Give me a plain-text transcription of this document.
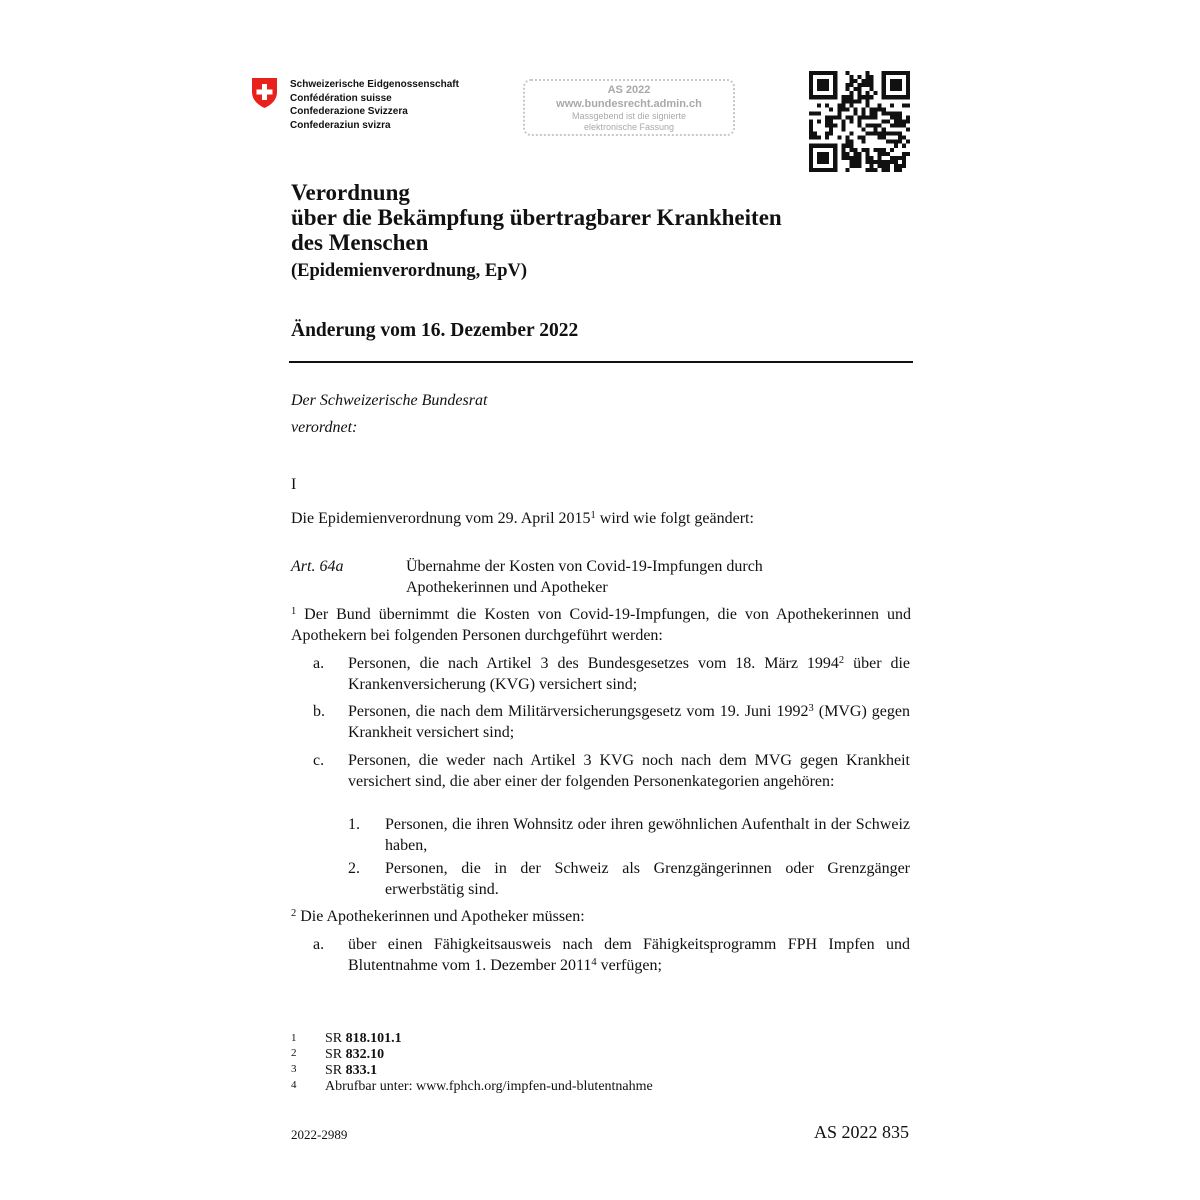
Schweizerische Eidgenossenschaft
Confédération suisse
Confederazione Svizzera
Confederaziun svizra
AS 2022
www.bundesrecht.admin.ch
Massgebend ist die signierte
elektronische Fassung
Verordnung
über die Bekämpfung übertragbarer Krankheiten
des Menschen
(Epidemienverordnung, EpV)
Änderung vom 16. Dezember 2022
Der Schweizerische Bundesrat
verordnet:
I
Die Epidemienverordnung vom 29. April 2015$^1$ wird wie folgt geändert:
Art. 64a	Übernahme der Kosten von Covid-19-Impfungen durch
Apothekerinnen und Apotheker
$^1$ Der Bund übernimmt die Kosten von Covid-19-Impfungen, die von Apothekerinnen und Apothekern bei folgenden Personen durchgeführt werden:
a. Personen, die nach Artikel 3 des Bundesgesetzes vom 18. März 1994$^2$ über die Krankenversicherung (KVG) versichert sind;
b. Personen, die nach dem Militärversicherungsgesetz vom 19. Juni 1992$^3$ (MVG) gegen Krankheit versichert sind;
c. Personen, die weder nach Artikel 3 KVG noch nach dem MVG gegen Krankheit versichert sind, die aber einer der folgenden Personenkategorien angehören:
1. Personen, die ihren Wohnsitz oder ihren gewöhnlichen Aufenthalt in der Schweiz haben,
2. Personen, die in der Schweiz als Grenzgängerinnen oder Grenzgänger erwerbstätig sind.
$^2$ Die Apothekerinnen und Apotheker müssen:
a. über einen Fähigkeitsausweis nach dem Fähigkeitsprogramm FPH Impfen und Blutentnahme vom 1. Dezember 2011$^4$ verfügen;
1 SR 818.101.1
2 SR 832.10
3 SR 833.1
4 Abrufbar unter: www.fphch.org/impfen-und-blutentnahme
2022-2989	AS 2022 835
